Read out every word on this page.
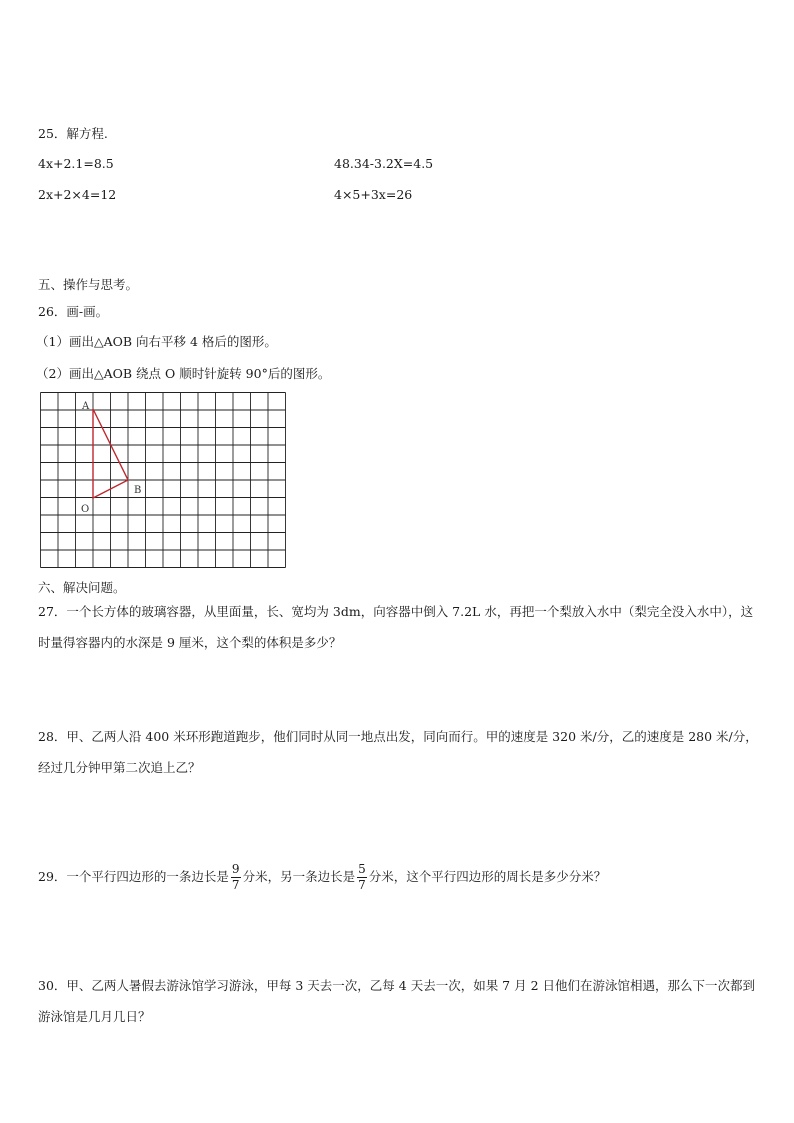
25．解方程.
4x+2.1=8.5	48.34-3.2X=4.5
2x+2×4=12	4×5+3x=26
五、操作与思考。
26．画-画。
（1）画出△AOB 向右平移 4 格后的图形。
（2）画出△AOB 绕点 O 顺时针旋转 90°后的图形。
A
B
O
六、解决问题。
27．一个长方体的玻璃容器，从里面量，长、宽均为 3dm，向容器中倒入 7.2L 水，再把一个梨放入水中（梨完全没入水中），这时量得容器内的水深是 9 厘米，这个梨的体积是多少？
28．甲、乙两人沿 400 米环形跑道跑步，他们同时从同一地点出发，同向而行。甲的速度是 320 米/分，乙的速度是 280 米/分，经过几分钟甲第二次追上乙？
29．一个平行四边形的一条边长是 $\frac{9}{7}$ 分米，另一条边长是 $\frac{5}{7}$ 分米，这个平行四边形的周长是多少分米？
30．甲、乙两人暑假去游泳馆学习游泳，甲每 3 天去一次，乙每 4 天去一次，如果 7 月 2 日他们在游泳馆相遇，那么下一次都到游泳馆是几月几日？
